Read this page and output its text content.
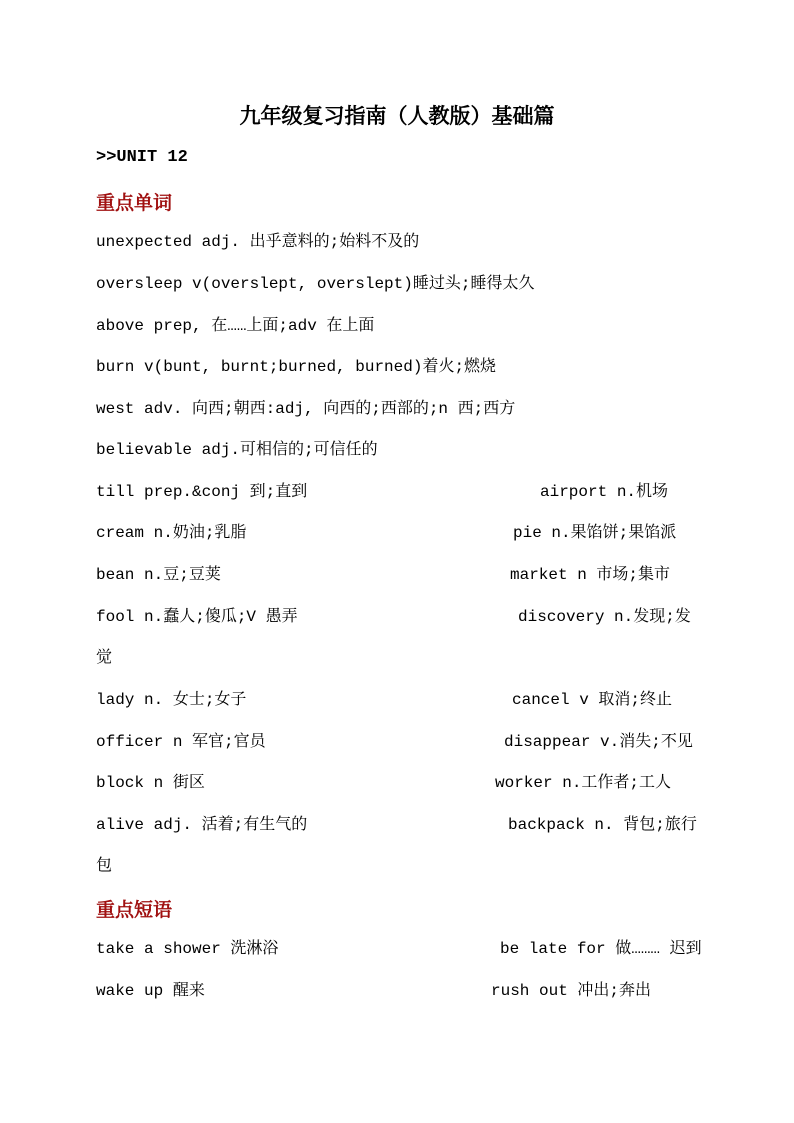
九年级复习指南（人教版）基础篇
>>UNIT 12
重点单词
unexpected adj. 出乎意料的;始料不及的
oversleep v(overslept, overslept)睡过头;睡得太久
above prep, 在……上面;adv 在上面
burn v(bunt, burnt;burned, burned)着火;燃烧
west adv. 向西;朝西:adj, 向西的;西部的;n 西;西方
believable adj.可相信的;可信任的
till prep.&conj 到;直到	airport n.机场
cream n.奶油;乳脂	pie n.果馅饼;果馅派
bean n.豆;豆荚	market n 市场;集市
fool n.蠢人;傻瓜;V 愚弄	discovery n.发现;发
觉
lady n. 女士;女子	cancel v 取消;终止
officer n 军官;官员	disappear v.消失;不见
block n 街区	worker n.工作者;工人
alive adj. 活着;有生气的	backpack n. 背包;旅行
包
重点短语
take a shower 洗淋浴	be late for 做……… 迟到
wake up 醒来	rush out 冲出;奔出
